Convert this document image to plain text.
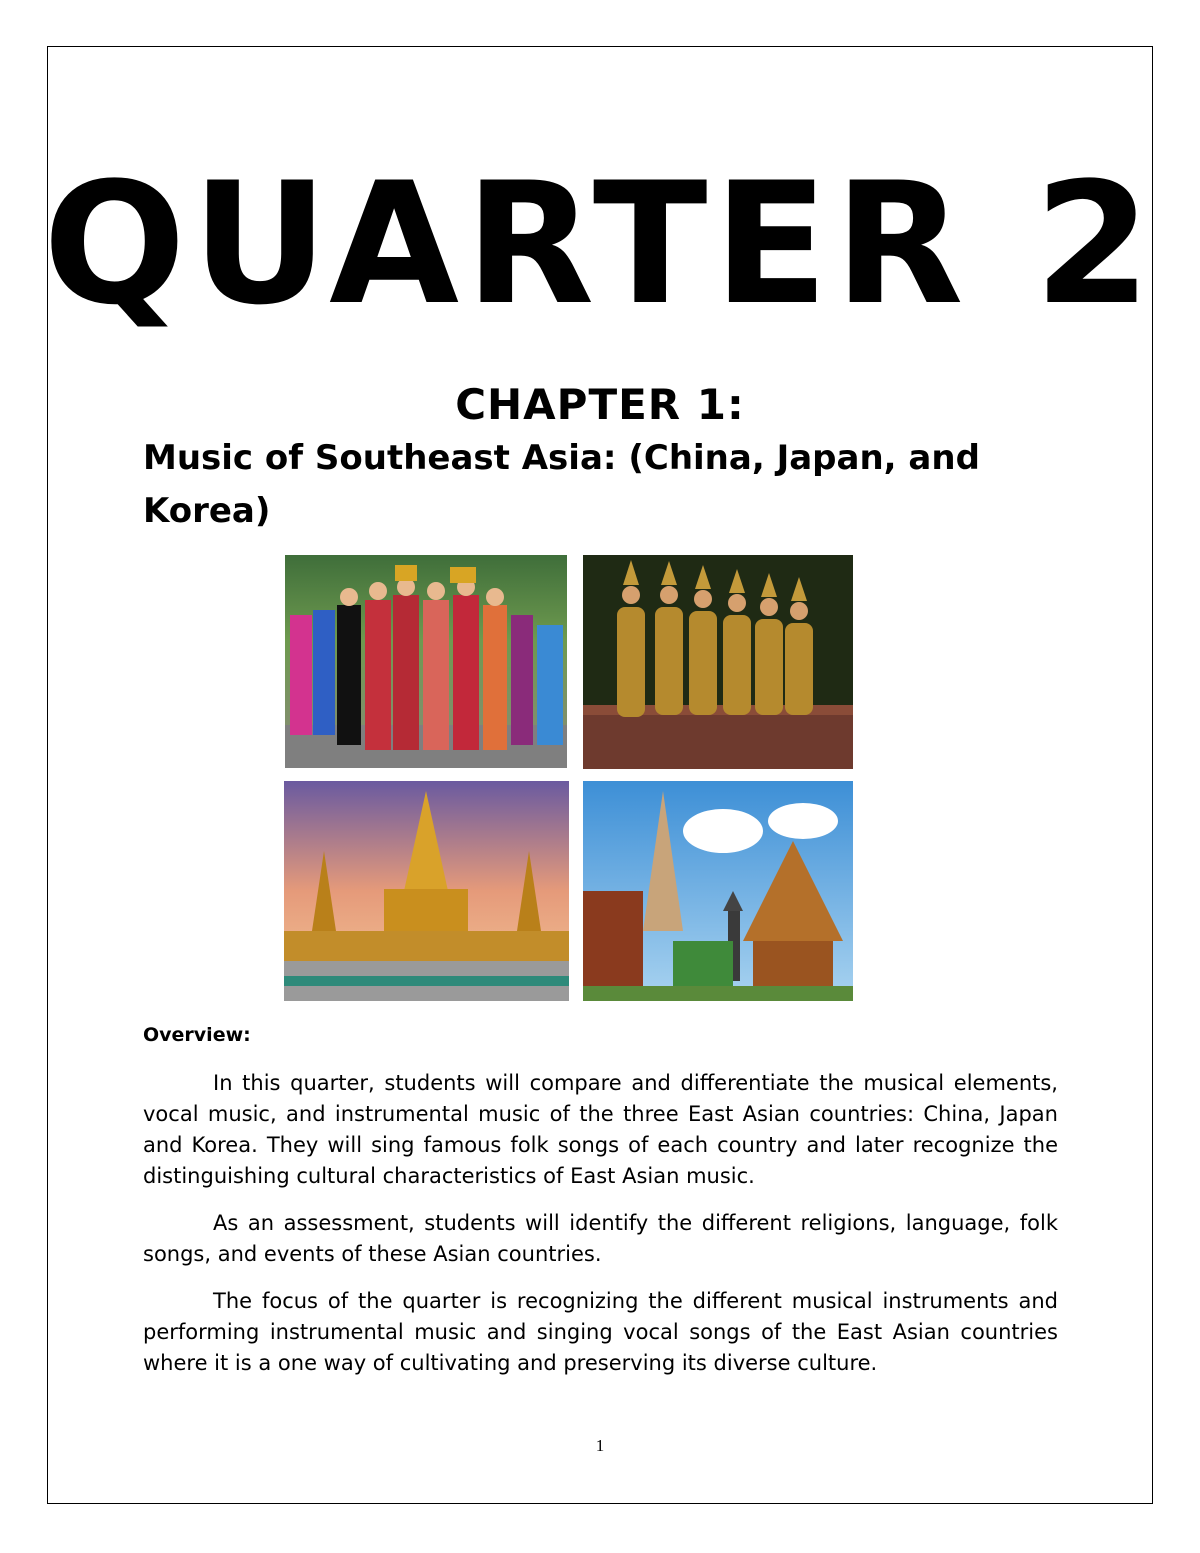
QUARTER 2
CHAPTER 1:
Music of Southeast Asia: (China, Japan, and Korea)
Overview:

In this quarter, students will compare and differentiate the musical elements, vocal music, and instrumental music of the three East Asian countries: China, Japan and Korea. They will sing famous folk songs of each country and later recognize the distinguishing cultural characteristics of East Asian music.

As an assessment, students will identify the different religions, language, folk songs, and events of these Asian countries.

The focus of the quarter is recognizing the different musical instruments and performing instrumental music and singing vocal songs of the East Asian countries where it is a one way of cultivating and preserving its diverse culture.

1
